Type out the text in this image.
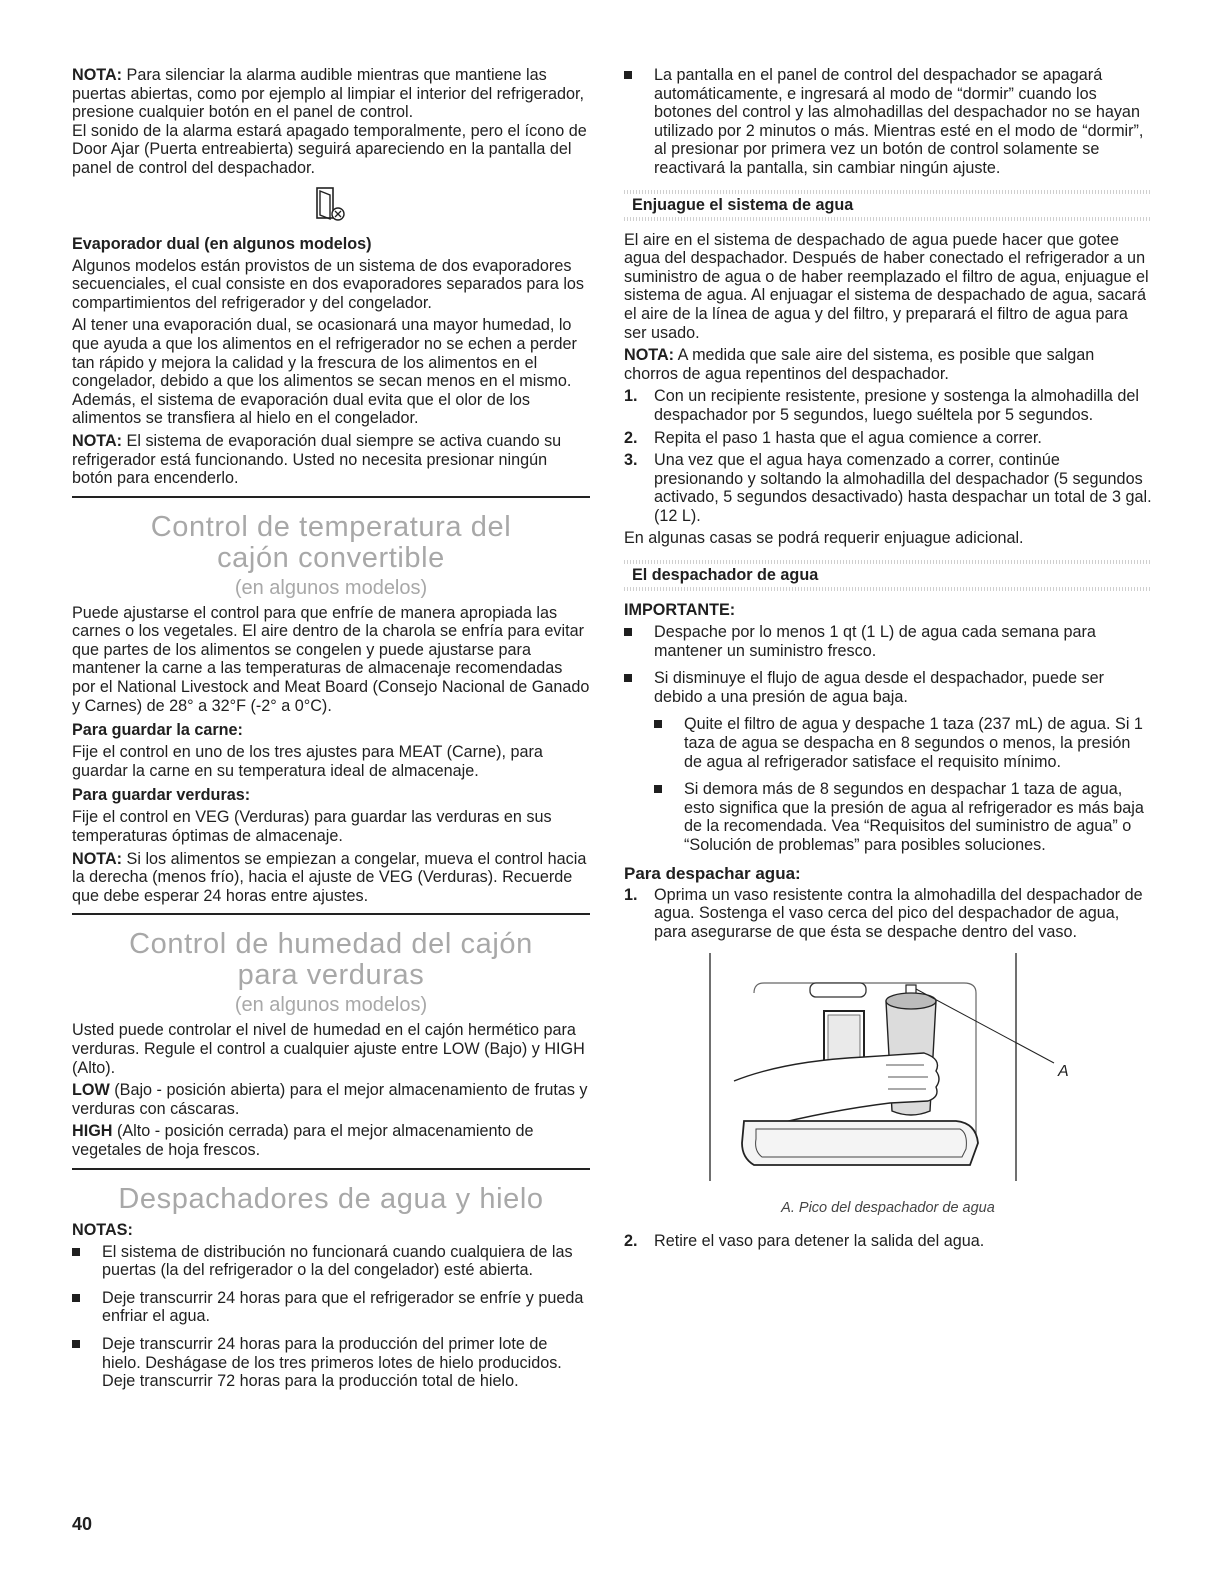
NOTA: Para silenciar la alarma audible mientras que mantiene las puertas abiertas, como por ejemplo al limpiar el interior del refrigerador, presione cualquier botón en el panel de control.
El sonido de la alarma estará apagado temporalmente, pero el ícono de Door Ajar (Puerta entreabierta) seguirá apareciendo en la pantalla del panel de control del despachador.

Evaporador dual (en algunos modelos)

Algunos modelos están provistos de un sistema de dos evaporadores secuenciales, el cual consiste en dos evaporadores separados para los compartimientos del refrigerador y del congelador.

Al tener una evaporación dual, se ocasionará una mayor humedad, lo que ayuda a que los alimentos en el refrigerador no se echen a perder tan rápido y mejora la calidad y la frescura de los alimentos en el congelador, debido a que los alimentos se secan menos en el mismo. Además, el sistema de evaporación dual evita que el olor de los alimentos se transfiera al hielo en el congelador.

NOTA: El sistema de evaporación dual siempre se activa cuando su refrigerador está funcionando. Usted no necesita presionar ningún botón para encenderlo.

Control de temperatura del

cajón convertible

(en algunos modelos)

Puede ajustarse el control para que enfríe de manera apropiada las carnes o los vegetales. El aire dentro de la charola se enfría para evitar que partes de los alimentos se congelen y puede ajustarse para mantener la carne a las temperaturas de almacenaje recomendadas por el National Livestock and Meat Board (Consejo Nacional de Ganado y Carnes) de 28° a 32°F (-2° a 0°C).

Para guardar la carne:

Fije el control en uno de los tres ajustes para MEAT (Carne), para guardar la carne en su temperatura ideal de almacenaje.

Para guardar verduras:

Fije el control en VEG (Verduras) para guardar las verduras en sus temperaturas óptimas de almacenaje.

NOTA: Si los alimentos se empiezan a congelar, mueva el control hacia la derecha (menos frío), hacia el ajuste de VEG (Verduras). Recuerde que debe esperar 24 horas entre ajustes.

Control de humedad del cajón

para verduras

(en algunos modelos)

Usted puede controlar el nivel de humedad en el cajón hermético para verduras. Regule el control a cualquier ajuste entre LOW (Bajo) y HIGH (Alto).

LOW (Bajo - posición abierta) para el mejor almacenamiento de frutas y verduras con cáscaras.

HIGH (Alto - posición cerrada) para el mejor almacenamiento de vegetales de hoja frescos.

Despachadores de agua y hielo

NOTAS:
El sistema de distribución no funcionará cuando cualquiera de las puertas (la del refrigerador o la del congelador) esté abierta.
Deje transcurrir 24 horas para que el refrigerador se enfríe y pueda enfriar el agua.
Deje transcurrir 24 horas para la producción del primer lote de hielo. Deshágase de los tres primeros lotes de hielo producidos. Deje transcurrir 72 horas para la producción total de hielo.
La pantalla en el panel de control del despachador se apagará automáticamente, e ingresará al modo de “dormir” cuando los botones del control y las almohadillas del despachador no se hayan utilizado por 2 minutos o más. Mientras esté en el modo de “dormir”, al presionar por primera vez un botón de control solamente se reactivará la pantalla, sin cambiar ningún ajuste.
Enjuague el sistema de agua

El aire en el sistema de despachado de agua puede hacer que gotee agua del despachador. Después de haber conectado el refrigerador a un suministro de agua o de haber reemplazado el filtro de agua, enjuague el sistema de agua. Al enjuagar el sistema de despachado de agua, sacará el aire de la línea de agua y del filtro, y preparará el filtro de agua para ser usado.

NOTA: A medida que sale aire del sistema, es posible que salgan chorros de agua repentinos del despachador.

1. Con un recipiente resistente, presione y sostenga la almohadilla del despachador por 5 segundos, luego suéltela por 5 segundos.
2. Repita el paso 1 hasta que el agua comience a correr.
3. Una vez que el agua haya comenzado a correr, continúe presionando y soltando la almohadilla del despachador (5 segundos activado, 5 segundos desactivado) hasta despachar un total de 3 gal. (12 L).

En algunas casas se podrá requerir enjuague adicional.

El despachador de agua
IMPORTANTE:
Despache por lo menos 1 qt (1 L) de agua cada semana para mantener un suministro fresco.
Si disminuye el flujo de agua desde el despachador, puede ser debido a una presión de agua baja.
Quite el filtro de agua y despache 1 taza (237 mL) de agua. Si 1 taza de agua se despacha en 8 segundos o menos, la presión de agua al refrigerador satisface el requisito mínimo.
Si demora más de 8 segundos en despachar 1 taza de agua, esto significa que la presión de agua al refrigerador es más baja de la recomendada. Vea “Requisitos del suministro de agua” o “Solución de problemas” para posibles soluciones.
Para despachar agua:
1. Oprima un vaso resistente contra la almohadilla del despachador de agua. Sostenga el vaso cerca del pico del despachador de agua, para asegurarse de que ésta se despache dentro del vaso.
A

A. Pico del despachador de agua

2. Retire el vaso para detener la salida del agua.
40
